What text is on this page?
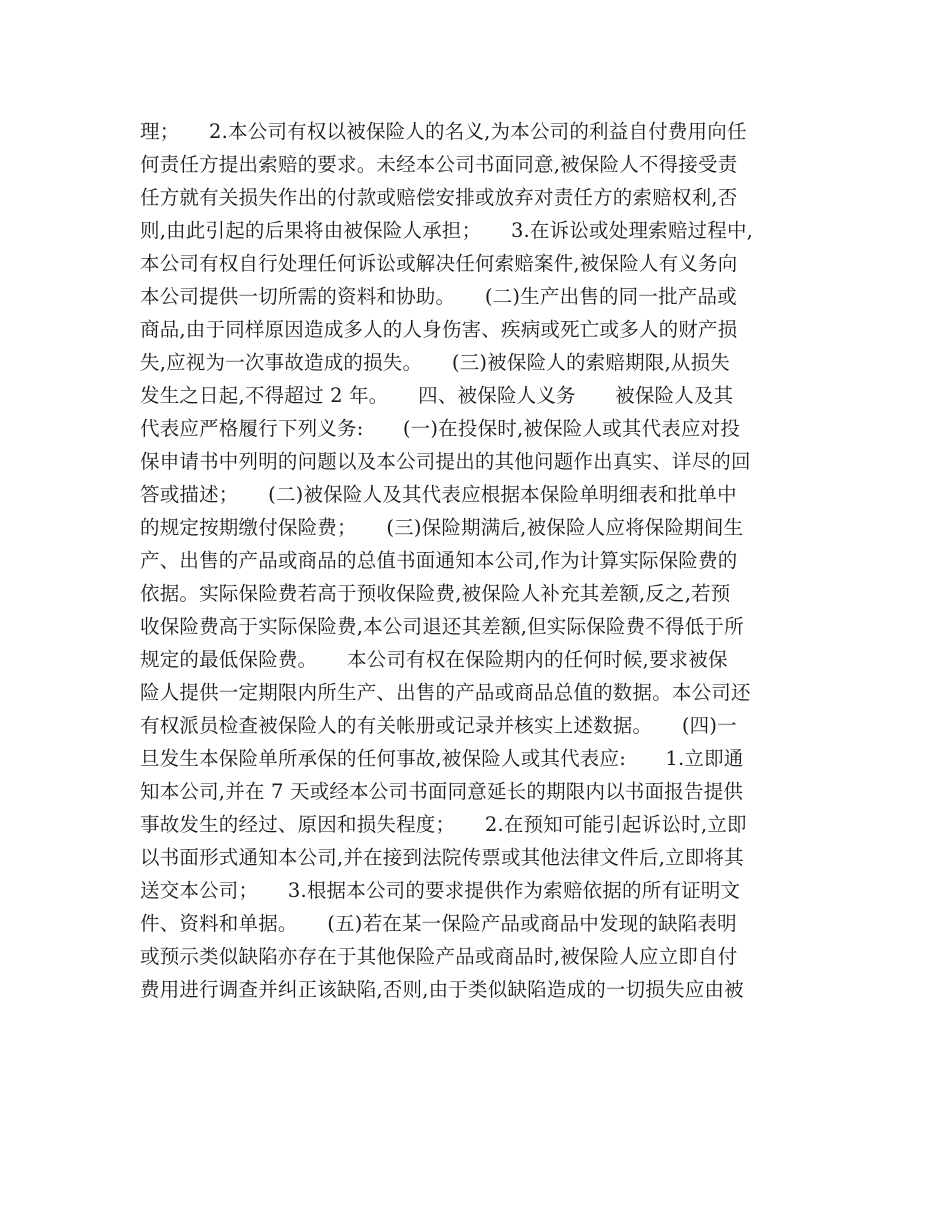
理；　　2.本公司有权以被保险人的名义,为本公司的利益自付费用向任
何责任方提出索赔的要求。未经本公司书面同意,被保险人不得接受责
任方就有关损失作出的付款或赔偿安排或放弃对责任方的索赔权利,否
则,由此引起的后果将由被保险人承担；　　3.在诉讼或处理索赔过程中,
本公司有权自行处理任何诉讼或解决任何索赔案件,被保险人有义务向
本公司提供一切所需的资料和协助。　　(二)生产出售的同一批产品或
商品,由于同样原因造成多人的人身伤害、疾病或死亡或多人的财产损
失,应视为一次事故造成的损失。　　(三)被保险人的索赔期限,从损失
发生之日起,不得超过 2 年。　　四、被保险人义务　　被保险人及其
代表应严格履行下列义务:　　(一)在投保时,被保险人或其代表应对投
保申请书中列明的问题以及本公司提出的其他问题作出真实、详尽的回
答或描述；　　(二)被保险人及其代表应根据本保险单明细表和批单中
的规定按期缴付保险费；　　(三)保险期满后,被保险人应将保险期间生
产、出售的产品或商品的总值书面通知本公司,作为计算实际保险费的
依据。实际保险费若高于预收保险费,被保险人补充其差额,反之,若预
收保险费高于实际保险费,本公司退还其差额,但实际保险费不得低于所
规定的最低保险费。　　本公司有权在保险期内的任何时候,要求被保
险人提供一定期限内所生产、出售的产品或商品总值的数据。本公司还
有权派员检查被保险人的有关帐册或记录并核实上述数据。　　(四)一
旦发生本保险单所承保的任何事故,被保险人或其代表应:　　1.立即通
知本公司,并在 7 天或经本公司书面同意延长的期限内以书面报告提供
事故发生的经过、原因和损失程度；　　2.在预知可能引起诉讼时,立即
以书面形式通知本公司,并在接到法院传票或其他法律文件后,立即将其
送交本公司；　　3.根据本公司的要求提供作为索赔依据的所有证明文
件、资料和单据。　　(五)若在某一保险产品或商品中发现的缺陷表明
或预示类似缺陷亦存在于其他保险产品或商品时,被保险人应立即自付
费用进行调查并纠正该缺陷,否则,由于类似缺陷造成的一切损失应由被
